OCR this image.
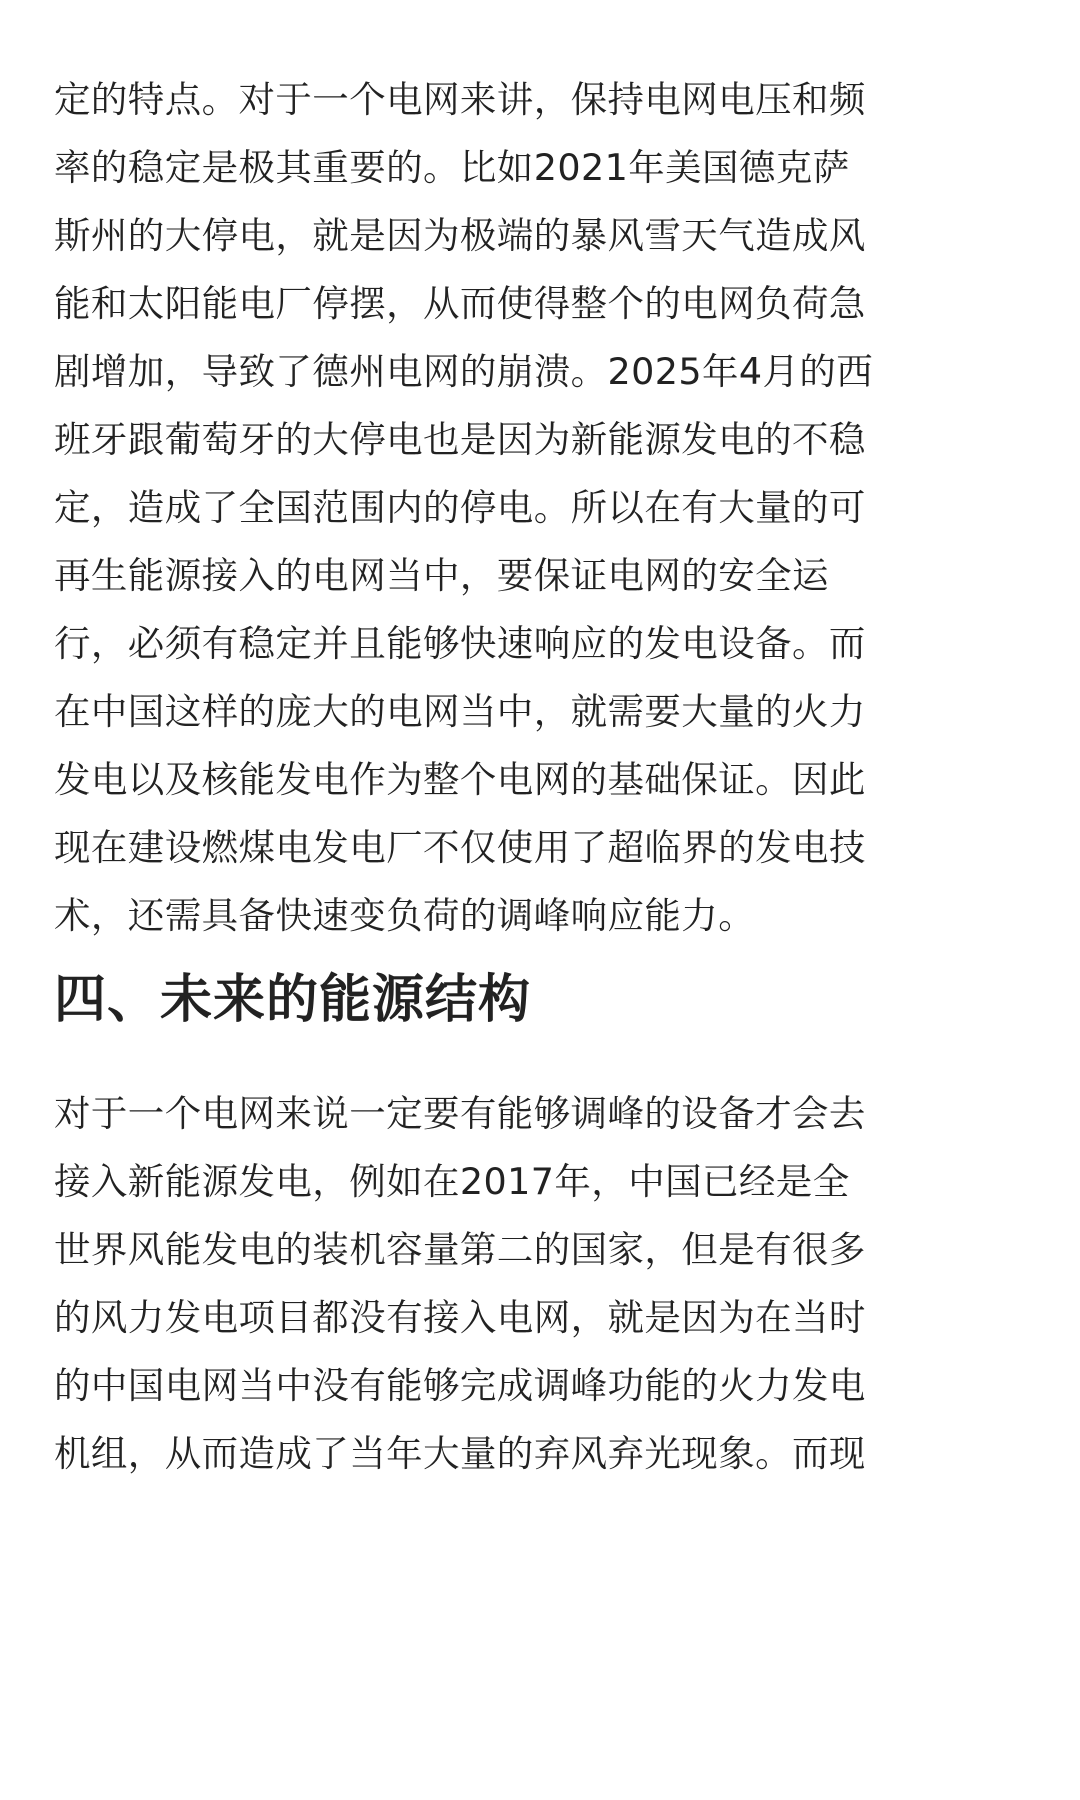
定的特点。对于一个电网来讲，保持电网电压和频
率的稳定是极其重要的。比如2021年美国德克萨
斯州的大停电，就是因为极端的暴风雪天气造成风
能和太阳能电厂停摆，从而使得整个的电网负荷急
剧增加，导致了德州电网的崩溃。2025年4月的西
班牙跟葡萄牙的大停电也是因为新能源发电的不稳
定，造成了全国范围内的停电。所以在有大量的可
再生能源接入的电网当中，要保证电网的安全运
行，必须有稳定并且能够快速响应的发电设备。而
在中国这样的庞大的电网当中，就需要大量的火力
发电以及核能发电作为整个电网的基础保证。因此
现在建设燃煤电发电厂不仅使用了超临界的发电技
术，还需具备快速变负荷的调峰响应能力。
四、未来的能源结构
对于一个电网来说一定要有能够调峰的设备才会去
接入新能源发电，例如在2017年，中国已经是全
世界风能发电的装机容量第二的国家，但是有很多
的风力发电项目都没有接入电网，就是因为在当时
的中国电网当中没有能够完成调峰功能的火力发电
机组，从而造成了当年大量的弃风弃光现象。而现
